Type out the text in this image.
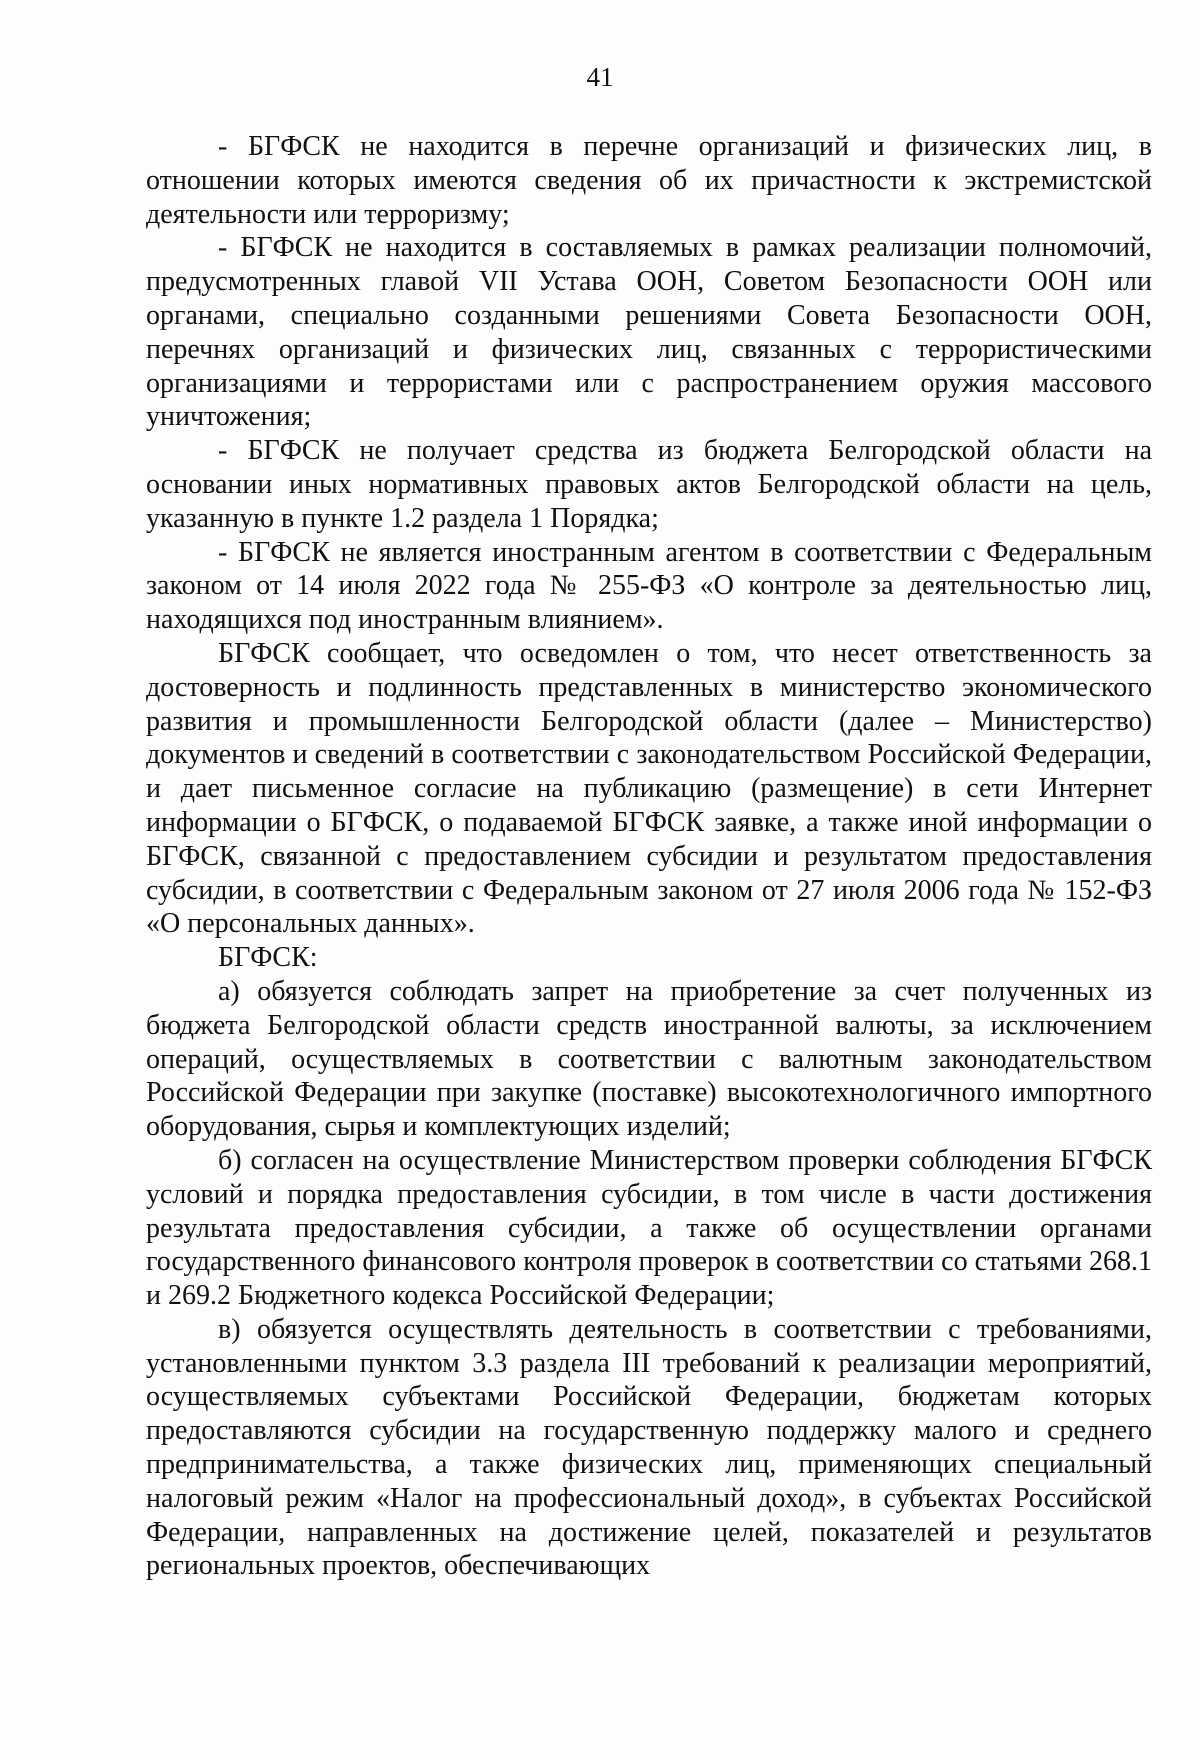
41

- БГФСК не находится в перечне организаций и физических лиц, в отношении которых имеются сведения об их причастности к экстремистской деятельности или терроризму;

- БГФСК не находится в составляемых в рамках реализации полномочий, предусмотренных главой VII Устава ООН, Советом Безопасности ООН или органами, специально созданными решениями Совета Безопасности ООН, перечнях организаций и физических лиц, связанных с террористическими организациями и террористами или с распространением оружия массового уничтожения;

- БГФСК не получает средства из бюджета Белгородской области на основании иных нормативных правовых актов Белгородской области на цель, указанную в пункте 1.2 раздела 1 Порядка;

- БГФСК не является иностранным агентом в соответствии с Федеральным законом от 14 июля 2022 года № 255-ФЗ «О контроле за деятельностью лиц, находящихся под иностранным влиянием».

БГФСК сообщает, что осведомлен о том, что несет ответственность за достоверность и подлинность представленных в министерство экономического развития и промышленности Белгородской области (далее – Министерство) документов и сведений в соответствии с законодательством Российской Федерации, и дает письменное согласие на публикацию (размещение) в сети Интернет информации о БГФСК, о подаваемой БГФСК заявке, а также иной информации о БГФСК, связанной с предоставлением субсидии и результатом предоставления субсидии, в соответствии с Федеральным законом от 27 июля 2006 года № 152-ФЗ «О персональных данных».

БГФСК:

а) обязуется соблюдать запрет на приобретение за счет полученных из бюджета Белгородской области средств иностранной валюты, за исключением операций, осуществляемых в соответствии с валютным законодательством Российской Федерации при закупке (поставке) высокотехнологичного импортного оборудования, сырья и комплектующих изделий;

б) согласен на осуществление Министерством проверки соблюдения БГФСК условий и порядка предоставления субсидии, в том числе в части достижения результата предоставления субсидии, а также об осуществлении органами государственного финансового контроля проверок в соответствии со статьями 268.1 и 269.2 Бюджетного кодекса Российской Федерации;

в) обязуется осуществлять деятельность в соответствии с требованиями, установленными пунктом 3.3 раздела III требований к реализации мероприятий, осуществляемых субъектами Российской Федерации, бюджетам которых предоставляются субсидии на государственную поддержку малого и среднего предпринимательства, а также физических лиц, применяющих специальный налоговый режим «Налог на профессиональный доход», в субъектах Российской Федерации, направленных на достижение целей, показателей и результатов региональных проектов, обеспечивающих
